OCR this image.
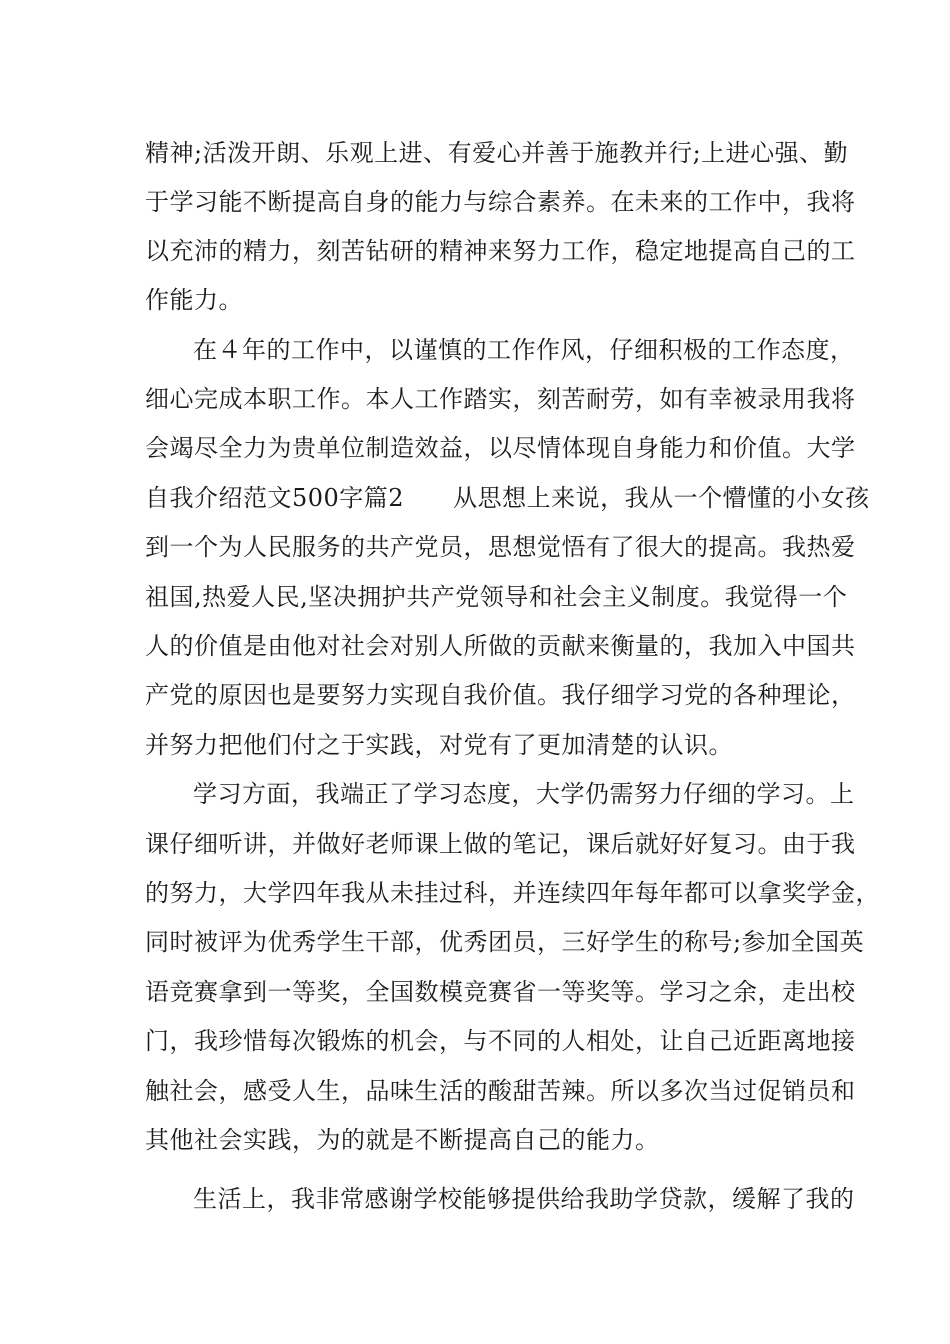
精神;活泼开朗、乐观上进、有爱心并善于施教并行;上进心强、勤
于学习能不断提高自身的能力与综合素养。在未来的工作中，我将
以充沛的精力，刻苦钻研的精神来努力工作，稳定地提高自己的工
作能力。
在４年的工作中，以谨慎的工作作风，仔细积极的工作态度，
细心完成本职工作。本人工作踏实，刻苦耐劳，如有幸被录用我将
会竭尽全力为贵单位制造效益，以尽情体现自身能力和价值。大学
自我介绍范文500字篇2　　从思想上来说，我从一个懵懂的小女孩
到一个为人民服务的共产党员，思想觉悟有了很大的提高。我热爱
祖国,热爱人民,坚决拥护共产党领导和社会主义制度。我觉得一个
人的价值是由他对社会对别人所做的贡献来衡量的，我加入中国共
产党的原因也是要努力实现自我价值。我仔细学习党的各种理论，
并努力把他们付之于实践，对党有了更加清楚的认识。
学习方面，我端正了学习态度，大学仍需努力仔细的学习。上
课仔细听讲，并做好老师课上做的笔记，课后就好好复习。由于我
的努力，大学四年我从未挂过科，并连续四年每年都可以拿奖学金，
同时被评为优秀学生干部，优秀团员，三好学生的称号;参加全国英
语竞赛拿到一等奖，全国数模竞赛省一等奖等。学习之余，走出校
门，我珍惜每次锻炼的机会，与不同的人相处，让自己近距离地接
触社会，感受人生，品味生活的酸甜苦辣。所以多次当过促销员和
其他社会实践，为的就是不断提高自己的能力。
生活上，我非常感谢学校能够提供给我助学贷款，缓解了我的
